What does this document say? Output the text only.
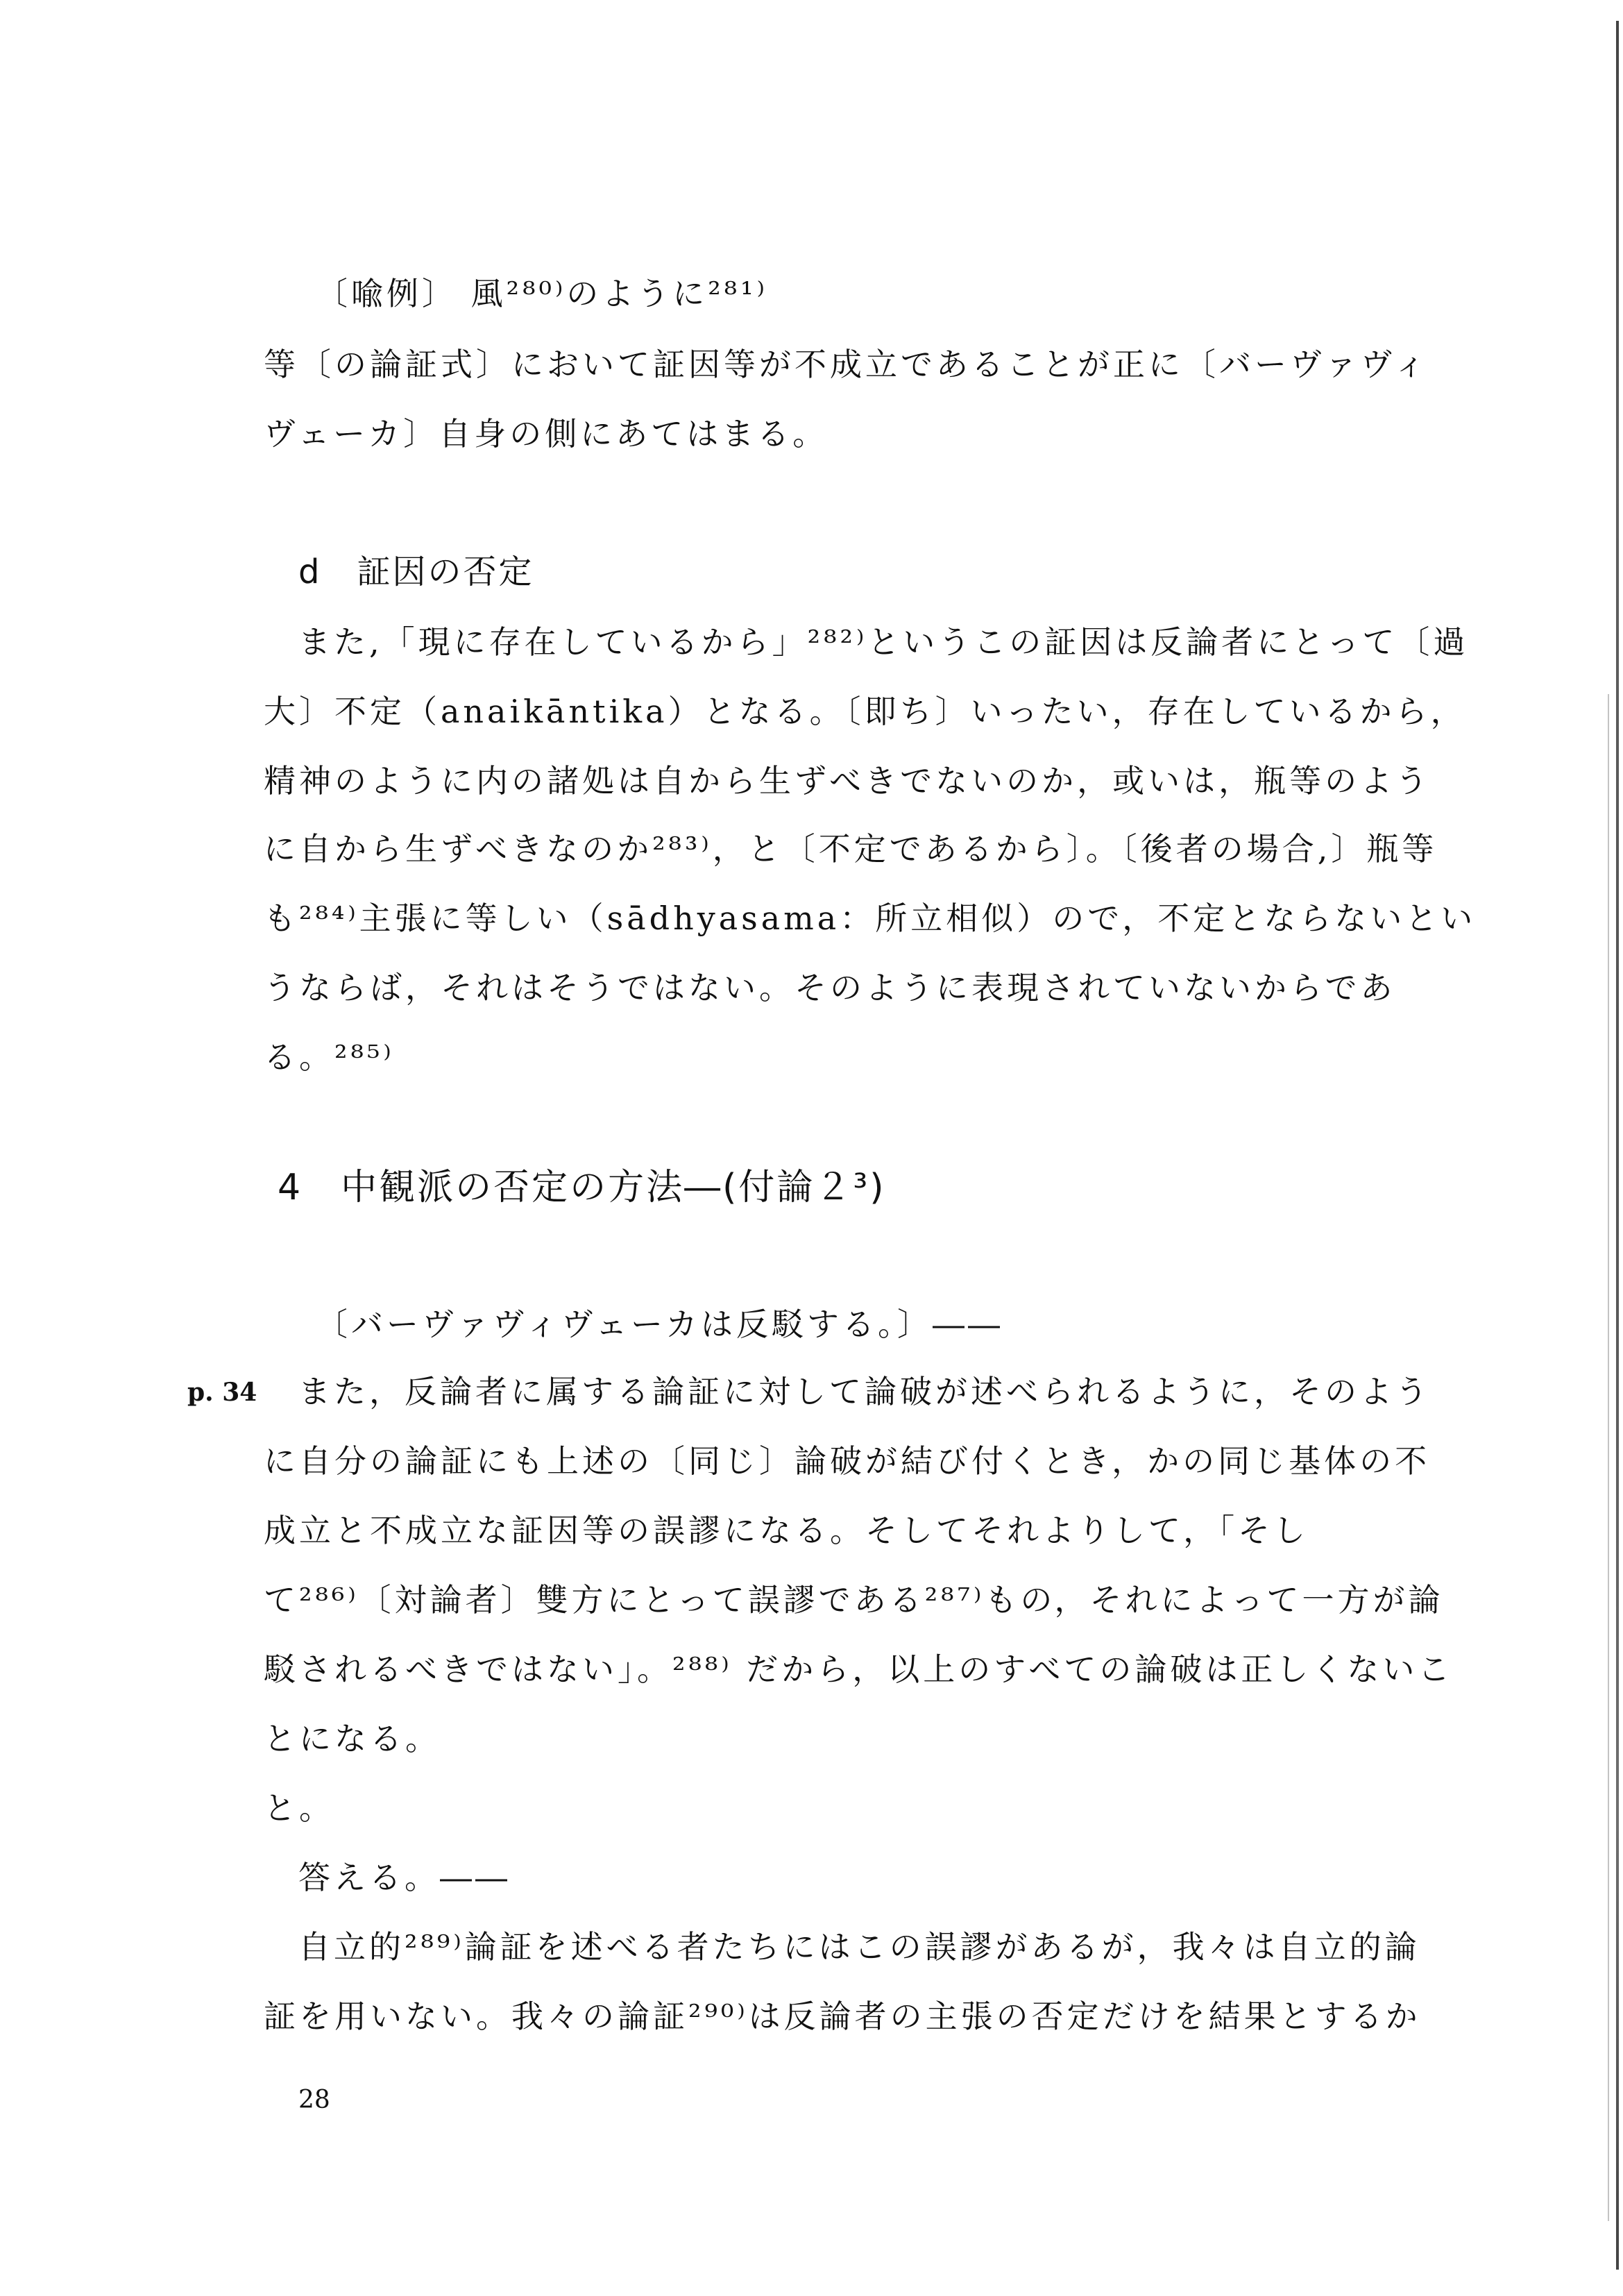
〔喩例〕 風²⁸⁰⁾のように²⁸¹⁾
等〔の論証式〕において証因等が不成立であることが正に〔バーヴァヴィ
ヴェーカ〕自身の側にあてはまる。
d　証因の否定
また,「現に存在しているから」²⁸²⁾というこの証因は反論者にとって〔過
大〕不定（anaikāntika）となる。〔即ち〕いったい，存在しているから，
精神のように内の諸処は自から生ずべきでないのか，或いは，瓶等のよう
に自から生ずべきなのか²⁸³⁾，と〔不定であるから〕。〔後者の場合,〕瓶等
も²⁸⁴⁾主張に等しい（sādhyasama：所立相似）ので，不定とならないとい
うならば，それはそうではない。そのように表現されていないからであ
る。²⁸⁵⁾
4　中観派の否定の方法―(付論２³)
〔バーヴァヴィヴェーカは反駁する。〕――
p. 34 また，反論者に属する論証に対して論破が述べられるように，そのよう
に自分の論証にも上述の〔同じ〕論破が結び付くとき，かの同じ基体の不
成立と不成立な証因等の誤謬になる。そしてそれよりして，「そし
て²⁸⁶⁾〔対論者〕雙方にとって誤謬である²⁸⁷⁾もの，それによって一方が論
駁されるべきではない」。²⁸⁸⁾ だから，以上のすべての論破は正しくないこ
とになる。
と。
答える。――
自立的²⁸⁹⁾論証を述べる者たちにはこの誤謬があるが，我々は自立的論
証を用いない。我々の論証²⁹⁰⁾は反論者の主張の否定だけを結果とするか
28
